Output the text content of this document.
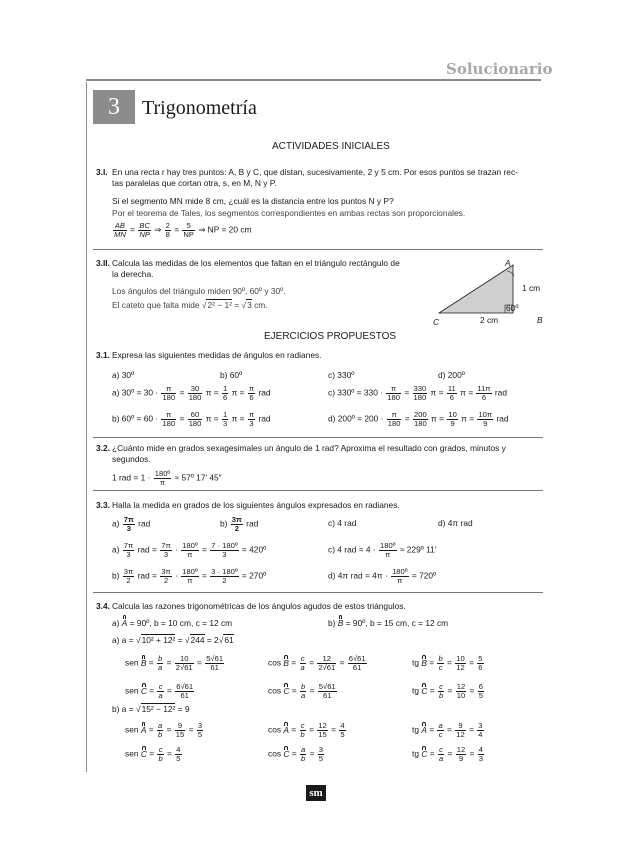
Solucionario
3	Trigonometría
ACTIVIDADES INICIALES
3.I. En una recta r hay tres puntos: A, B y C, que distan, sucesivamente, 2 y 5 cm. Por esos puntos se trazan rec-
tas paralelas que cortan otra, s, en M, N y P.
Si el segmento MN mide 8 cm, ¿cuál es la distancia entre los puntos N y P?
Por el teorema de Tales, los segmentos correspondientes en ambas rectas son proporcionales.
$\frac{AB}{MN} = \frac{BC}{NP}$ ⇒ $\frac{2}{8} = \frac{5}{NP}$ ⇒ NP = 20 cm
3.II. Calcula las medidas de los elementos que faltan en el triángulo rectángulo de
la derecha.
Los ángulos del triángulo miden 90º, 60º y 30º.
El cateto que falta mide √2² − 1² = √3 cm.
A
1 cm
60º
C	2 cm	B
EJERCICIOS PROPUESTOS
3.1. Expresa las siguientes medidas de ángulos en radianes.
a) 30º	b) 60º	c) 330º	d) 200º
a) 30º = $30 \cdot \frac{\pi}{180} = \frac{30}{180}$ $\pi = \frac{1}{6}$ $\pi = \frac{\pi}{6}$ rad	c) 330º = $330 \cdot \frac{\pi}{180} = \frac{330}{180}$ $\pi = \frac{11}{6}$ $\pi = \frac{11\pi}{6}$ rad
b) 60º = $60 \cdot \frac{\pi}{180} = \frac{60}{180}$ $\pi = \frac{1}{3}$ $\pi = \frac{\pi}{3}$ rad	d) 200º = $200 \cdot \frac{\pi}{180} = \frac{200}{180}$ $\pi = \frac{10}{9}$ $\pi = \frac{10\pi}{9}$ rad
3.2. ¿Cuánto mide en grados sexagesimales un ángulo de 1 rad? Aproxima el resultado con grados, minutos y
segundos.
1 rad = $1 \cdot \frac{\text{180º}}{\pi}$ ≈ 57º 17′ 45″
3.3. Halla la medida en grados de los siguientes ángulos expresados en radianes.
$a) \frac{7\pi}{3}$ rad	$b) \frac{3\pi}{2}$ rad	c) 4 rad	d) 4π rad
$a) \frac{7\pi}{3}$ rad = $\frac{7\pi}{3} \cdot \frac{\text{180º}}{\pi} = \frac{\text{7 · 180º}}{3}$ = 420º	c) 4 rad = $4 \cdot \frac{\text{180º}}{\pi}$ ≈ 229º 11′
$b) \frac{3\pi}{2}$ rad = $\frac{3\pi}{2} \cdot \frac{\text{180º}}{\pi} = \frac{\text{3 · 180º}}{2}$ = 270º	d) 4π rad = $4\pi \cdot \frac{\text{180º}}{\pi}$ = 720º
3.4. Calcula las razones trigonométricas de los ángulos agudos de estos triángulos.
a) A = 90º, b = 10 cm, c = 12 cm	b) B = 90º, b = 15 cm, c = 12 cm
a) a = √10² + 12² = √244 = 2√61
sen $B = \frac{b}{a} = \frac{10}{2√61} = \frac{5√61}{61}$	$\cos B = \frac{c}{a} = \frac{12}{2√61} = \frac{6√61}{61}$	tg $B = \frac{b}{c} = \frac{10}{12} = \frac{5}{6}$
sen $C = \frac{c}{a} = \frac{6√61}{61}$	$\cos C = \frac{b}{a} = \frac{5√61}{61}$	tg $C = \frac{c}{b} = \frac{12}{10} = \frac{6}{5}$
b) a = √15² − 12² = 9
sen $A = \frac{a}{b} = \frac{9}{15} = \frac{3}{5}$	$\cos A = \frac{c}{b} = \frac{12}{15} = \frac{4}{5}$	tg $A = \frac{a}{c} = \frac{9}{12} = \frac{3}{4}$
sen $C = \frac{c}{b} = \frac{4}{5}$	$\cos C = \frac{a}{b} = \frac{3}{5}$	tg $C = \frac{c}{a} = \frac{12}{9} = \frac{4}{3}$
sm
